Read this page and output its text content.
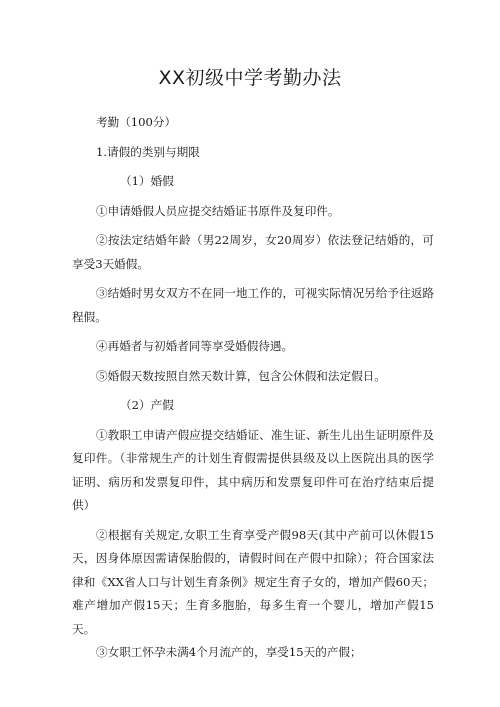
XX初级中学考勤办法

考勤（100分）

1.请假的类别与期限

（1）婚假

①申请婚假人员应提交结婚证书原件及复印件。

②按法定结婚年龄（男22周岁，女20周岁）依法登记结婚的，可享受3天婚假。

③结婚时男女双方不在同一地工作的，可视实际情况另给予往返路程假。

④再婚者与初婚者同等享受婚假待遇。

⑤婚假天数按照自然天数计算，包含公休假和法定假日。

（2）产假

①教职工申请产假应提交结婚证、准生证、新生儿出生证明原件及复印件。（非常规生产的计划生育假需提供县级及以上医院出具的医学证明、病历和发票复印件，其中病历和发票复印件可在治疗结束后提供）

②根据有关规定,女职工生育享受产假98天(其中产前可以休假15天，因身体原因需请保胎假的，请假时间在产假中扣除）；符合国家法律和《XX省人口与计划生育条例》规定生育子女的，增加产假60天；难产增加产假15天；生育多胞胎，每多生育一个婴儿，增加产假15天。

③女职工怀孕未满4个月流产的，享受15天的产假；
